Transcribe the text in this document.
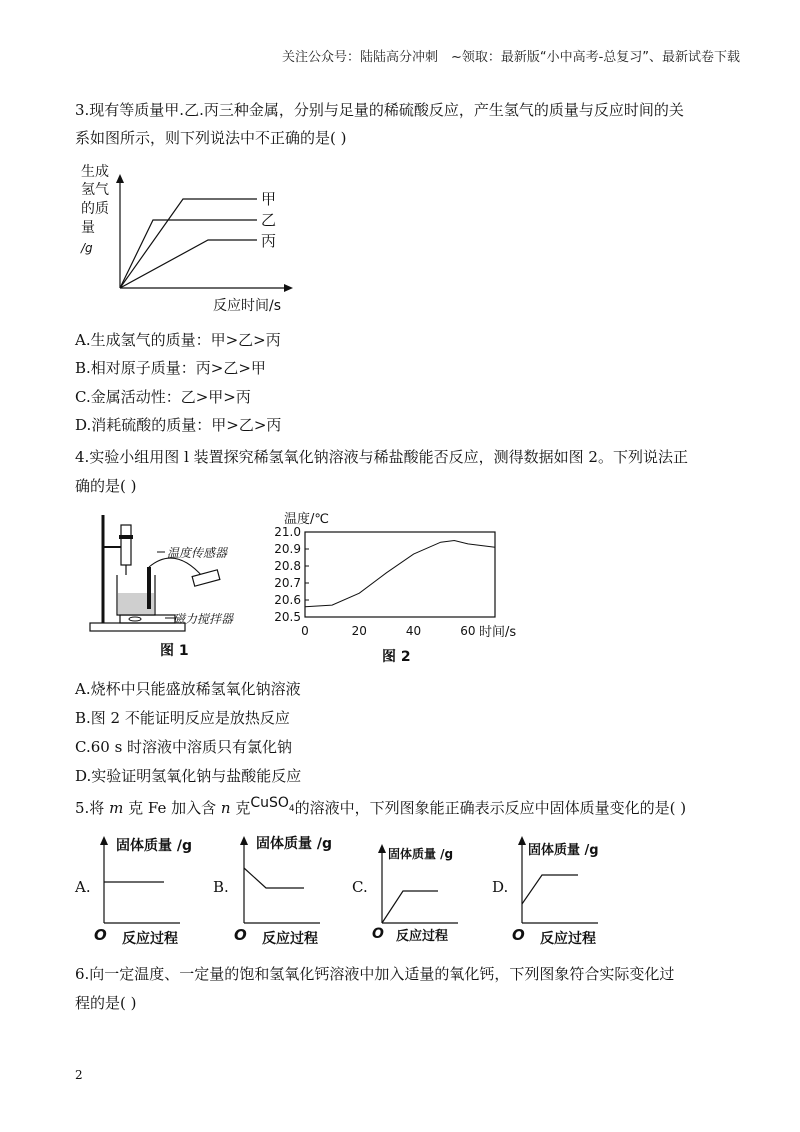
关注公众号：陆陆高分冲刺　~领取：最新版“小中高考-总复习”、最新试卷下载
3.现有等质量甲.乙.丙三种金属，分别与足量的稀硫酸反应，产生氢气的质量与反应时间的关
系如图所示，则下列说法中不正确的是( )
生成
氢气
的质
量
/g
甲
乙
丙
反应时间/s
A.生成氢气的质量：甲>乙>丙
B.相对原子质量：丙>乙>甲
C.金属活动性：乙>甲>丙
D.消耗硫酸的质量：甲>乙>丙
4.实验小组用图 l 装置探究稀氢氧化钠溶液与稀盐酸能否反应，测得数据如图 2。下列说法正
确的是( )
温度传感器
磁力搅拌器
图 1
温度/℃
21.0
20.9
20.8
20.7
20.6
20.5
0	20	40	60 时间/s
图 2
A.烧杯中只能盛放稀氢氧化钠溶液
B.图 2 不能证明反应是放热反应
C.60 s 时溶液中溶质只有氯化钠
D.实验证明氢氧化钠与盐酸能反应
5.将 m 克 Fe 加入含 n 克CuSO$_4$的溶液中，下列图象能正确表示反应中固体质量变化的是( )
A.	B.	C.	D.
固体质量 /g
O 反应过程
固体质量 /g
O 反应过程
固体质量 /g
O 反应过程
固体质量 /g
O 反应过程
6.向一定温度、一定量的饱和氢氧化钙溶液中加入适量的氧化钙，下列图象符合实际变化过
程的是( )
2
